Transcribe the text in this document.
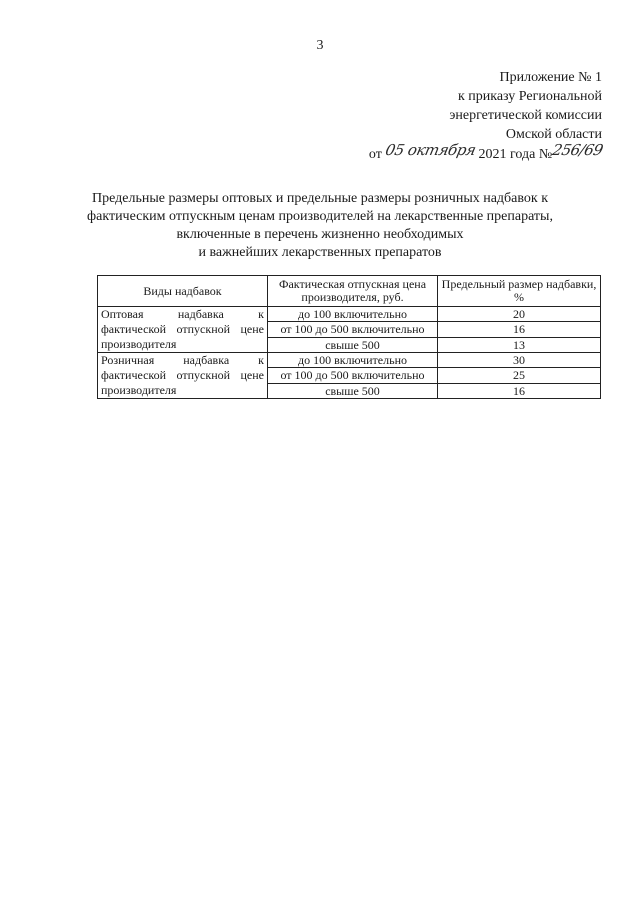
3
Приложение № 1
к приказу Региональной
энергетической комиссии
Омской области
от 05 октября 2021 года №256/69
Предельные размеры оптовых и предельные размеры розничных надбавок к
фактическим отпускным ценам производителей на лекарственные препараты,
включенные в перечень жизненно необходимых
и важнейших лекарственных препаратов
Виды надбавок	Фактическая отпускная цена производителя, руб.	Предельный размер надбавки, %
Оптовая надбавка к фактической отпускной цене производителя	до 100 включительно	20
	от 100 до 500 включительно	16
	свыше 500	13
Розничная надбавка к фактической отпускной цене производителя	до 100 включительно	30
	от 100 до 500 включительно	25
	свыше 500	16
